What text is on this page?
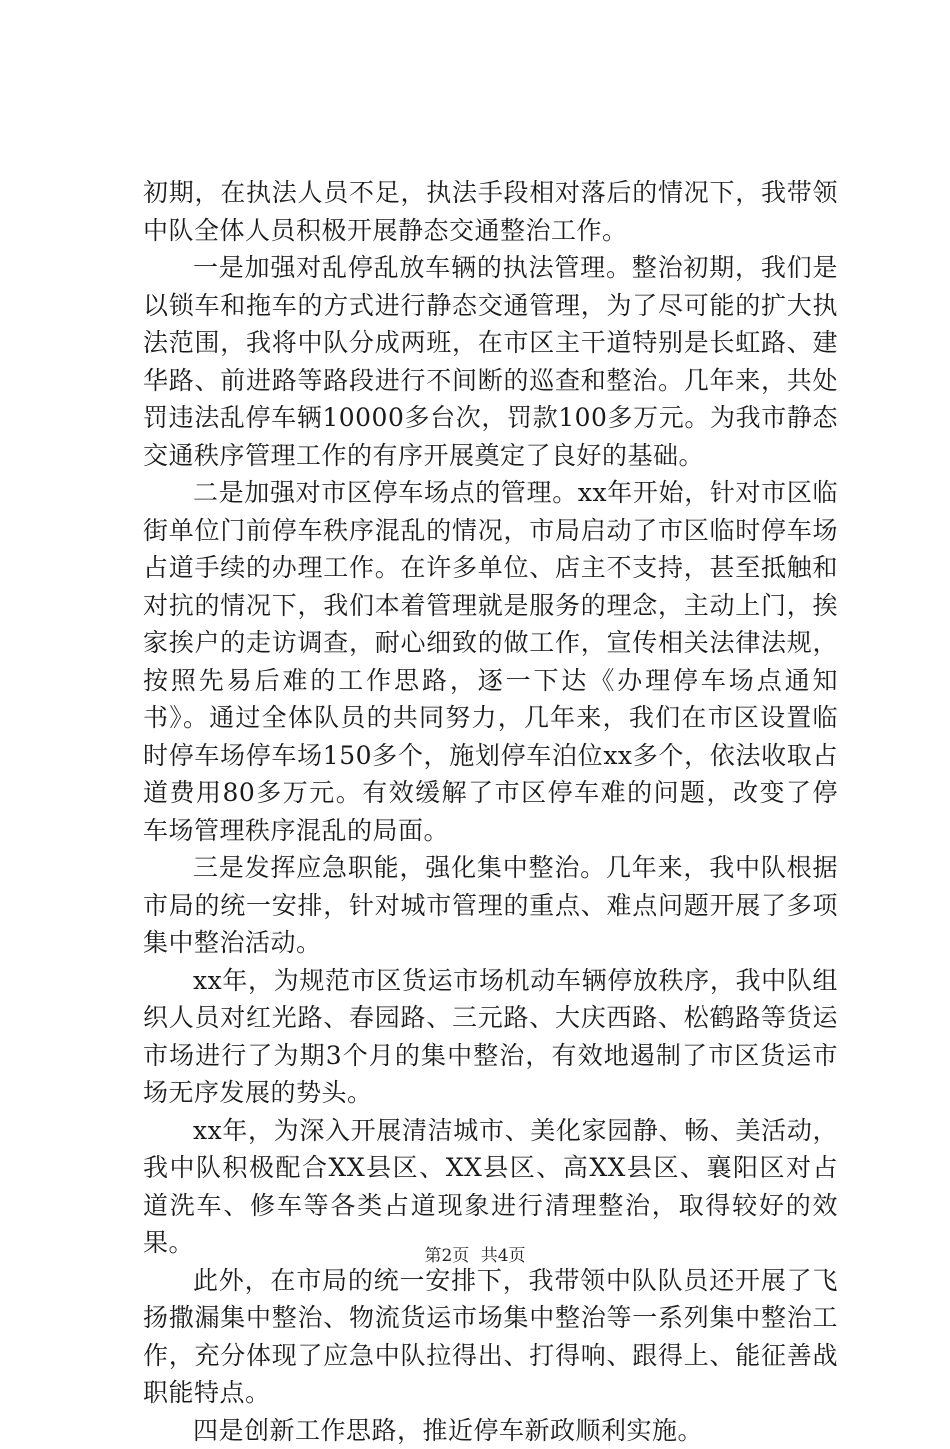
初期，在执法人员不足，执法手段相对落后的情况下，我带领中队全体人员积极开展静态交通整治工作。

一是加强对乱停乱放车辆的执法管理。整治初期，我们是以锁车和拖车的方式进行静态交通管理，为了尽可能的扩大执法范围，我将中队分成两班，在市区主干道特别是长虹路、建华路、前进路等路段进行不间断的巡查和整治。几年来，共处罚违法乱停车辆10000多台次，罚款100多万元。为我市静态交通秩序管理工作的有序开展奠定了良好的基础。

二是加强对市区停车场点的管理。xx年开始，针对市区临街单位门前停车秩序混乱的情况，市局启动了市区临时停车场占道手续的办理工作。在许多单位、店主不支持，甚至抵触和对抗的情况下，我们本着管理就是服务的理念，主动上门，挨家挨户的走访调查，耐心细致的做工作，宣传相关法律法规，按照先易后难的工作思路，逐一下达《办理停车场点通知书》。通过全体队员的共同努力，几年来，我们在市区设置临时停车场停车场150多个，施划停车泊位xx多个，依法收取占道费用80多万元。有效缓解了市区停车难的问题，改变了停车场管理秩序混乱的局面。

三是发挥应急职能，强化集中整治。几年来，我中队根据市局的统一安排，针对城市管理的重点、难点问题开展了多项集中整治活动。

xx年，为规范市区货运市场机动车辆停放秩序，我中队组织人员对红光路、春园路、三元路、大庆西路、松鹤路等货运市场进行了为期3个月的集中整治，有效地遏制了市区货运市场无序发展的势头。

xx年，为深入开展清洁城市、美化家园静、畅、美活动，我中队积极配合XX县区、XX县区、高XX县区、襄阳区对占道洗车、修车等各类占道现象进行清理整治，取得较好的效果。

此外，在市局的统一安排下，我带领中队队员还开展了飞扬撒漏集中整治、物流货运市场集中整治等一系列集中整治工作，充分体现了应急中队拉得出、打得响、跟得上、能征善战职能特点。

四是创新工作思路，推近停车新政顺利实施。

第2页 共4页
